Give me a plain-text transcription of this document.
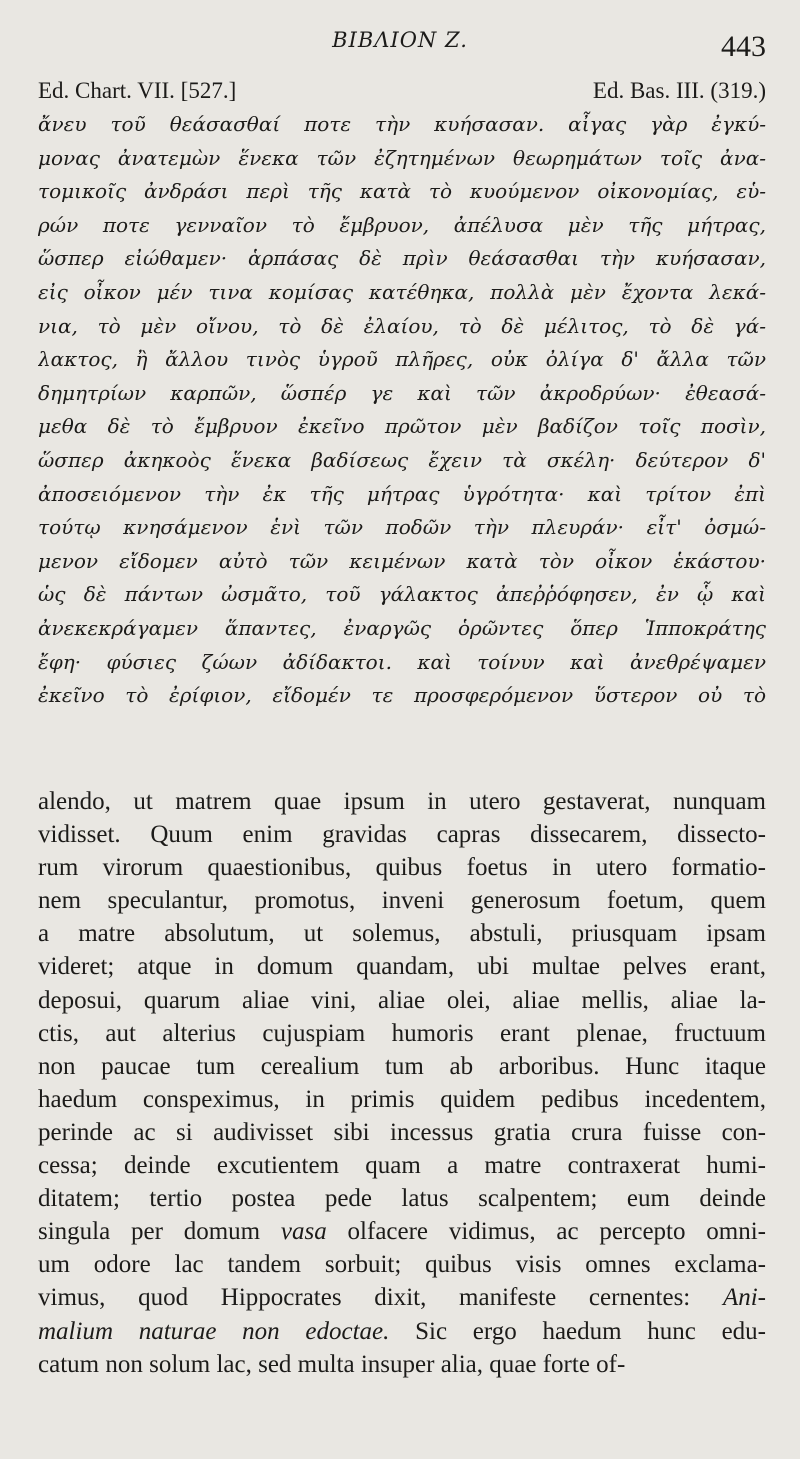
BIBΛΙΟΝ Z.	443
Ed. Chart. VII. [527.]	Ed. Bas. III. (319.)
ἄνευ τοῦ θεάσασθαί ποτε τὴν κυήσασαν. αἶγας γὰρ ἐγκύ-
μονας ἀνατεμὼν ἕνεκα τῶν ἐζητημένων θεωρημάτων τοῖς ἀνα-
τομικοῖς ἀνδράσι περὶ τῆς κατὰ τὸ κυούμενον οἰκονομίας, εὑ-
ρών ποτε γενναῖον τὸ ἔμβρυον, ἀπέλυσα μὲν τῆς μήτρας,
ὥσπερ εἰώθαμεν· ἁρπάσας δὲ πρὶν θεάσασθαι τὴν κυήσασαν,
εἰς οἶκον μέν τινα κομίσας κατέθηκα, πολλὰ μὲν ἔχοντα λεκά-
νια, τὸ μὲν οἴνου, τὸ δὲ ἐλαίου, τὸ δὲ μέλιτος, τὸ δὲ γά-
λακτος, ἢ ἄλλου τινὸς ὑγροῦ πλῆρες, οὐκ ὀλίγα δ' ἄλλα τῶν
δημητρίων καρπῶν, ὥσπέρ γε καὶ τῶν ἀκροδρύων· ἐθεασά-
μεθα δὲ τὸ ἔμβρυον ἐκεῖνο πρῶτον μὲν βαδίζον τοῖς ποσὶν,
ὥσπερ ἀκηκοὸς ἕνεκα βαδίσεως ἔχειν τὰ σκέλη· δεύτερον δ'
ἀποσειόμενον τὴν ἐκ τῆς μήτρας ὑγρότητα· καὶ τρίτον ἐπὶ
τούτῳ κνησάμενον ἑνὶ τῶν ποδῶν τὴν πλευράν· εἶτ' ὀσμώ-
μενον εἴδομεν αὐτὸ τῶν κειμένων κατὰ τὸν οἶκον ἑκάστου·
ὡς δὲ πάντων ὠσμᾶτο, τοῦ γάλακτος ἀπεῤῥόφησεν, ἐν ᾧ καὶ
ἀνεκεκράγαμεν ἅπαντες, ἐναργῶς ὁρῶντες ὅπερ Ἱπποκράτης
ἔφη· φύσιες ζώων ἀδίδακτοι. καὶ τοίνυν καὶ ἀνεθρέψαμεν
ἐκεῖνο τὸ ἐρίφιον, εἴδομέν τε προσφερόμενον ὕστερον οὐ τὸ
alendo, ut matrem quae ipsum in utero gestaverat, nunquam
vidisset. Quum enim gravidas capras dissecarem, dissecto-
rum virorum quaestionibus, quibus foetus in utero formatio-
nem speculantur, promotus, inveni generosum foetum, quem
a matre absolutum, ut solemus, abstuli, priusquam ipsam
videret; atque in domum quandam, ubi multae pelves erant,
deposui, quarum aliae vini, aliae olei, aliae mellis, aliae la-
ctis, aut alterius cujuspiam humoris erant plenae, fructuum
non paucae tum cerealium tum ab arboribus. Hunc itaque
haedum conspeximus, in primis quidem pedibus incedentem,
perinde ac si audivisset sibi incessus gratia crura fuisse con-
cessa; deinde excutientem quam a matre contraxerat humi-
ditatem; tertio postea pede latus scalpentem; eum deinde
singula per domum vasa olfacere vidimus, ac percepto omni-
um odore lac tandem sorbuit; quibus visis omnes exclama-
vimus, quod Hippocrates dixit, manifeste cernentes: Ani-
malium naturae non edoctae. Sic ergo haedum hunc edu-
catum non solum lac, sed multa insuper alia, quae forte of-
